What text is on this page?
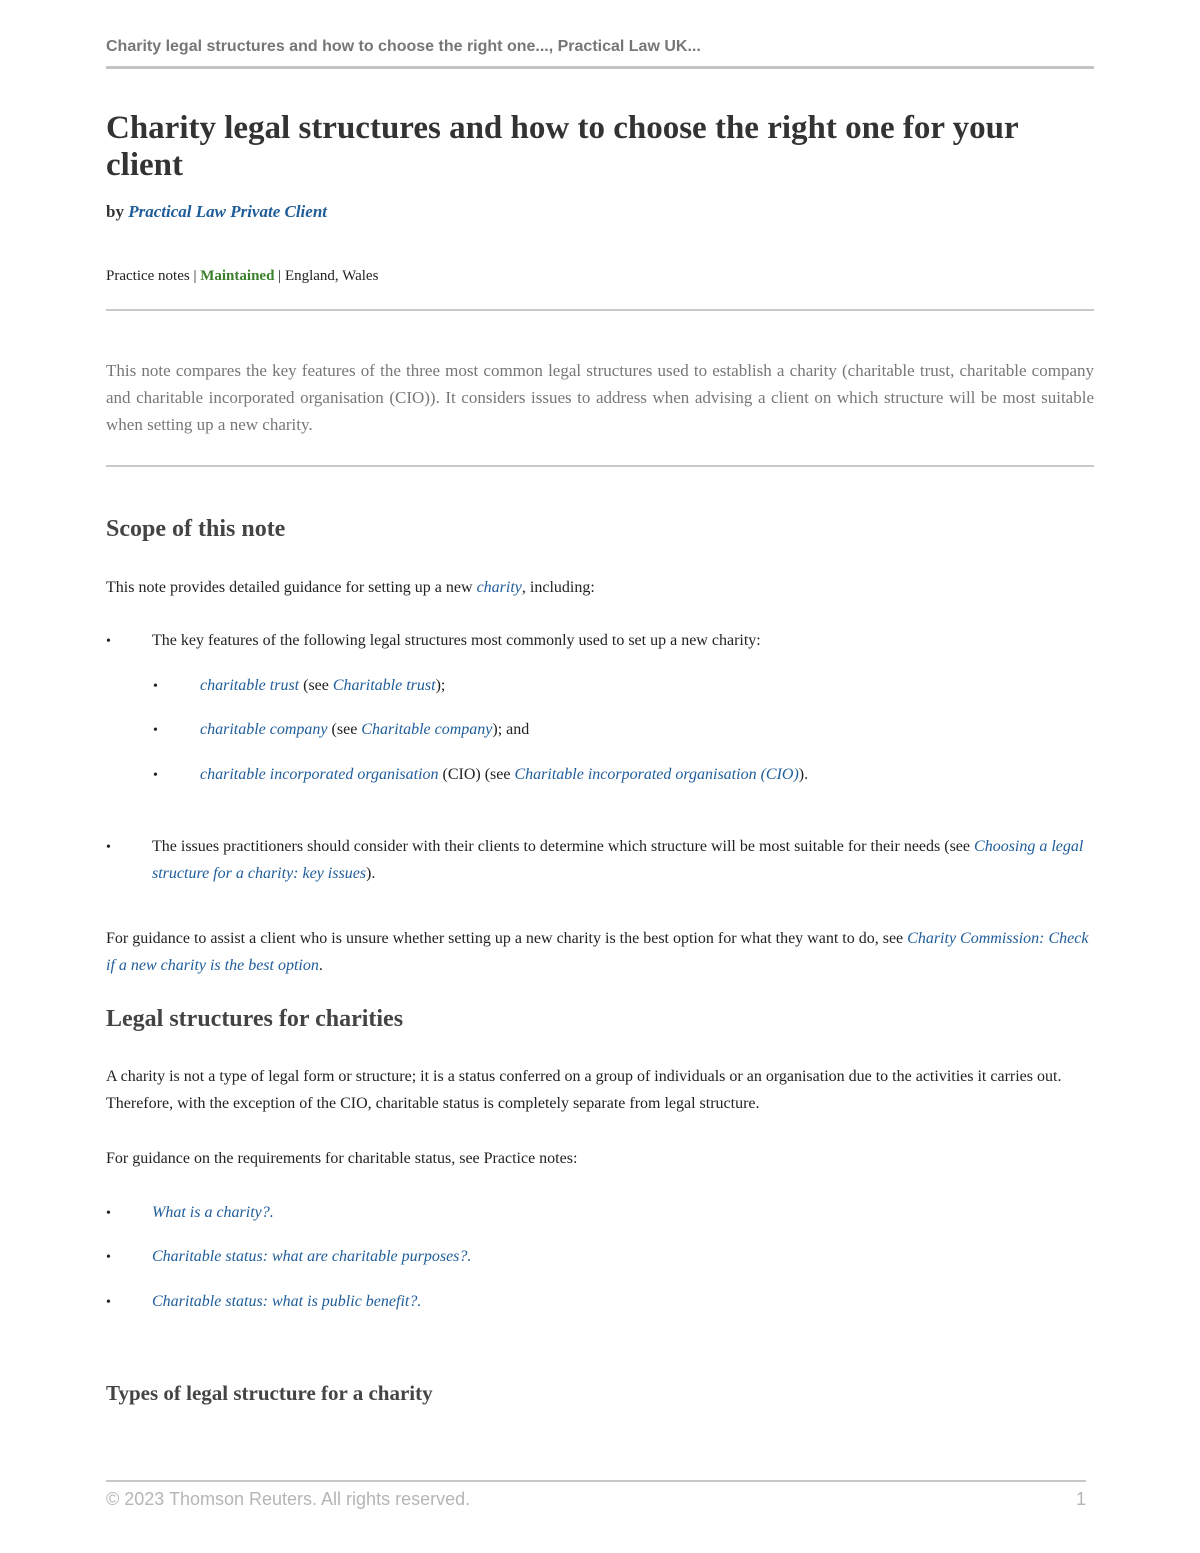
Charity legal structures and how to choose the right one..., Practical Law UK...
Charity legal structures and how to choose the right one for your client
by Practical Law Private Client
Practice notes | Maintained | England, Wales

This note compares the key features of the three most common legal structures used to establish a charity (charitable trust, charitable company and charitable incorporated organisation (CIO)). It considers issues to address when advising a client on which structure will be most suitable when setting up a new charity.

Scope of this note

This note provides detailed guidance for setting up a new charity, including:

•	The key features of the following legal structures most commonly used to set up a new charity:
•	charitable trust (see Charitable trust);
•	charitable company (see Charitable company); and
•	charitable incorporated organisation (CIO) (see Charitable incorporated organisation (CIO)).
•	The issues practitioners should consider with their clients to determine which structure will be most suitable for their needs (see Choosing a legal structure for a charity: key issues).

For guidance to assist a client who is unsure whether setting up a new charity is the best option for what they want to do, see Charity Commission: Check if a new charity is the best option.

Legal structures for charities

A charity is not a type of legal form or structure; it is a status conferred on a group of individuals or an organisation due to the activities it carries out. Therefore, with the exception of the CIO, charitable status is completely separate from legal structure.

For guidance on the requirements for charitable status, see Practice notes:

•	What is a charity?.
•	Charitable status: what are charitable purposes?.
•	Charitable status: what is public benefit?.
Types of legal structure for a charity
© 2023 Thomson Reuters. All rights reserved.	1
